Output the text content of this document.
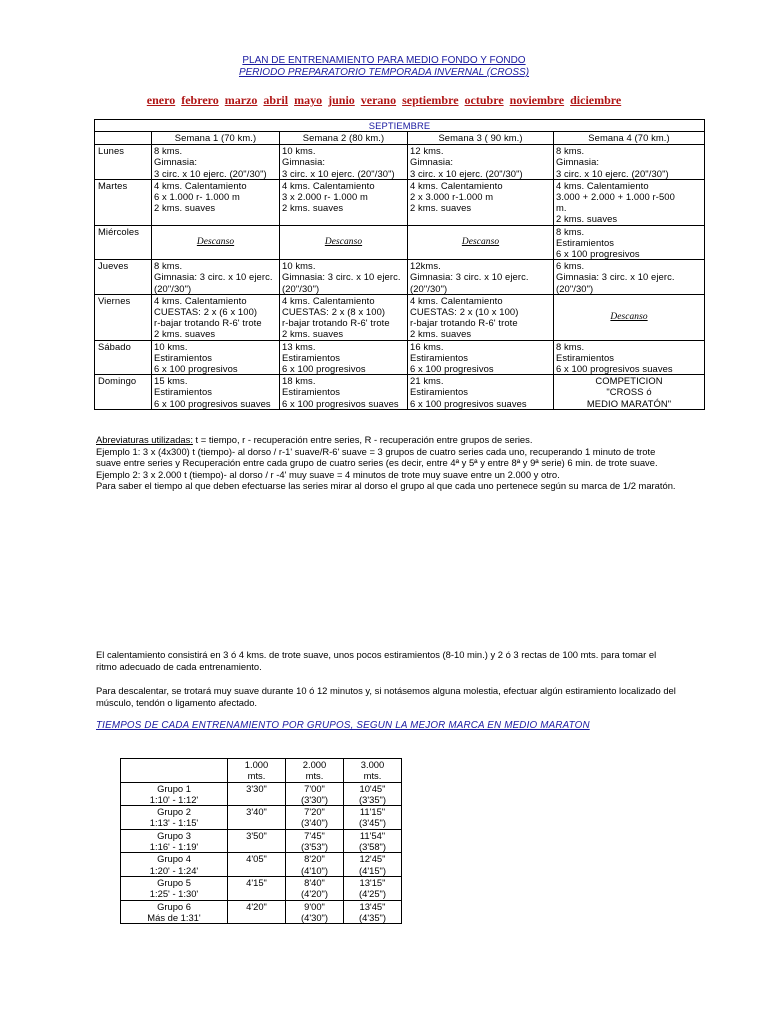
PLAN DE ENTRENAMIENTO PARA MEDIO FONDO Y FONDO
PERIODO PREPARATORIO TEMPORADA INVERNAL (CROSS)
enero febrero marzo abril mayo junio verano septiembre octubre noviembre diciembre
SEPTIEMBRE				
	Semana 1 (70 km.)	Semana 2 (80 km.)	Semana 3 ( 90 km.)	Semana 4 (70 km.)
Lunes	8 kms.
Gimnasia:
3 circ. x 10 ejerc. (20"/30")	10 kms.
Gimnasia:
3 circ. x 10 ejerc. (20"/30")	12 kms.
Gimnasia:
3 circ. x 10 ejerc. (20"/30")	8 kms.
Gimnasia:
3 circ. x 10 ejerc. (20"/30")

Martes	4 kms. Calentamiento
6 x 1.000 r- 1.000 m
2 kms. suaves	4 kms. Calentamiento
3 x 2.000 r- 1.000 m
2 kms. suaves	4 kms. Calentamiento
2 x 3.000 r-1.000 m
2 kms. suaves	4 kms. Calentamiento
3.000 + 2.000 + 1.000 r-500
m.
2 kms. suaves

Miércoles	Descanso	Descanso	Descanso	8 kms.
Estiramientos
6 x 100 progresivos

Jueves	8 kms.
Gimnasia: 3 circ. x 10 ejerc.
(20"/30")	10 kms.
Gimnasia: 3 circ. x 10 ejerc.
(20"/30")	12kms.
Gimnasia: 3 circ. x 10 ejerc.
(20"/30")	6 kms.
Gimnasia: 3 circ. x 10 ejerc.
(20"/30")

Viernes	4 kms. Calentamiento
CUESTAS: 2 x (6 x 100)
r-bajar trotando R-6' trote
2 kms. suaves	4 kms. Calentamiento
CUESTAS: 2 x (8 x 100)
r-bajar trotando R-6' trote
2 kms. suaves	4 kms. Calentamiento
CUESTAS: 2 x (10 x 100)
r-bajar trotando R-6' trote
2 kms. suaves	Descanso

Sábado	10 kms.
Estiramientos
6 x 100 progresivos	13 kms.
Estiramientos
6 x 100 progresivos	16 kms.
Estiramientos
6 x 100 progresivos	8 kms.
Estiramientos
6 x 100 progresivos suaves

Domingo	15 kms.
Estiramientos
6 x 100 progresivos suaves	18 kms.
Estiramientos
6 x 100 progresivos suaves	21 kms.
Estiramientos
6 x 100 progresivos suaves	COMPETICION
"CROSS ó
MEDIO MARATÓN"
Abreviaturas utilizadas: t = tiempo, r - recuperación entre series, R - recuperación entre grupos de series.
Ejemplo 1: 3 x (4x300) t (tiempo)- al dorso / r-1' suave/R-6' suave = 3 grupos de cuatro series cada uno, recuperando 1 minuto de trote
suave entre series y Recuperación entre cada grupo de cuatro series (es decir, entre 4ª y 5ª y entre 8ª y 9ª serie) 6 min. de trote suave.
Ejemplo 2: 3 x 2.000 t (tiempo)- al dorso / r -4' muy suave = 4 minutos de trote muy suave entre un 2.000 y otro.
Para saber el tiempo al que deben efectuarse las series mirar al dorso el grupo al que cada uno pertenece según su marca de 1/2 maratón.
El calentamiento consistirá en 3 ó 4 kms. de trote suave, unos pocos estiramientos (8-10 min.) y 2 ó 3 rectas de 100 mts. para tomar el
ritmo adecuado de cada entrenamiento.
Para descalentar, se trotará muy suave durante 10 ó 12 minutos y, si notásemos alguna molestia, efectuar algún estiramiento localizado del
músculo, tendón o ligamento afectado.
TIEMPOS DE CADA ENTRENAMIENTO POR GRUPOS, SEGUN LA MEJOR MARCA EN MEDIO MARATON

	1.000
mts.	2.000
mts.	3.000
mts.

Grupo 1
1:10' - 1:12'	3'30"	7'00"
(3'30")	10'45"
(3'35")

Grupo 2
1:13' - 1:15'	3'40"	7'20"
(3'40")	11'15"
(3'45")

Grupo 3
1:16' - 1:19'	3'50"	7'45"
(3'53")	11'54"
(3'58")

Grupo 4
1:20' - 1:24'	4'05"	8'20"
(4'10")	12'45"
(4'15")

Grupo 5
1:25' - 1:30'	4'15"	8'40"
(4'20")	13'15"
(4'25")

Grupo 6
Más de 1:31'	4'20"	9'00"
(4'30")	13'45"
(4'35")
